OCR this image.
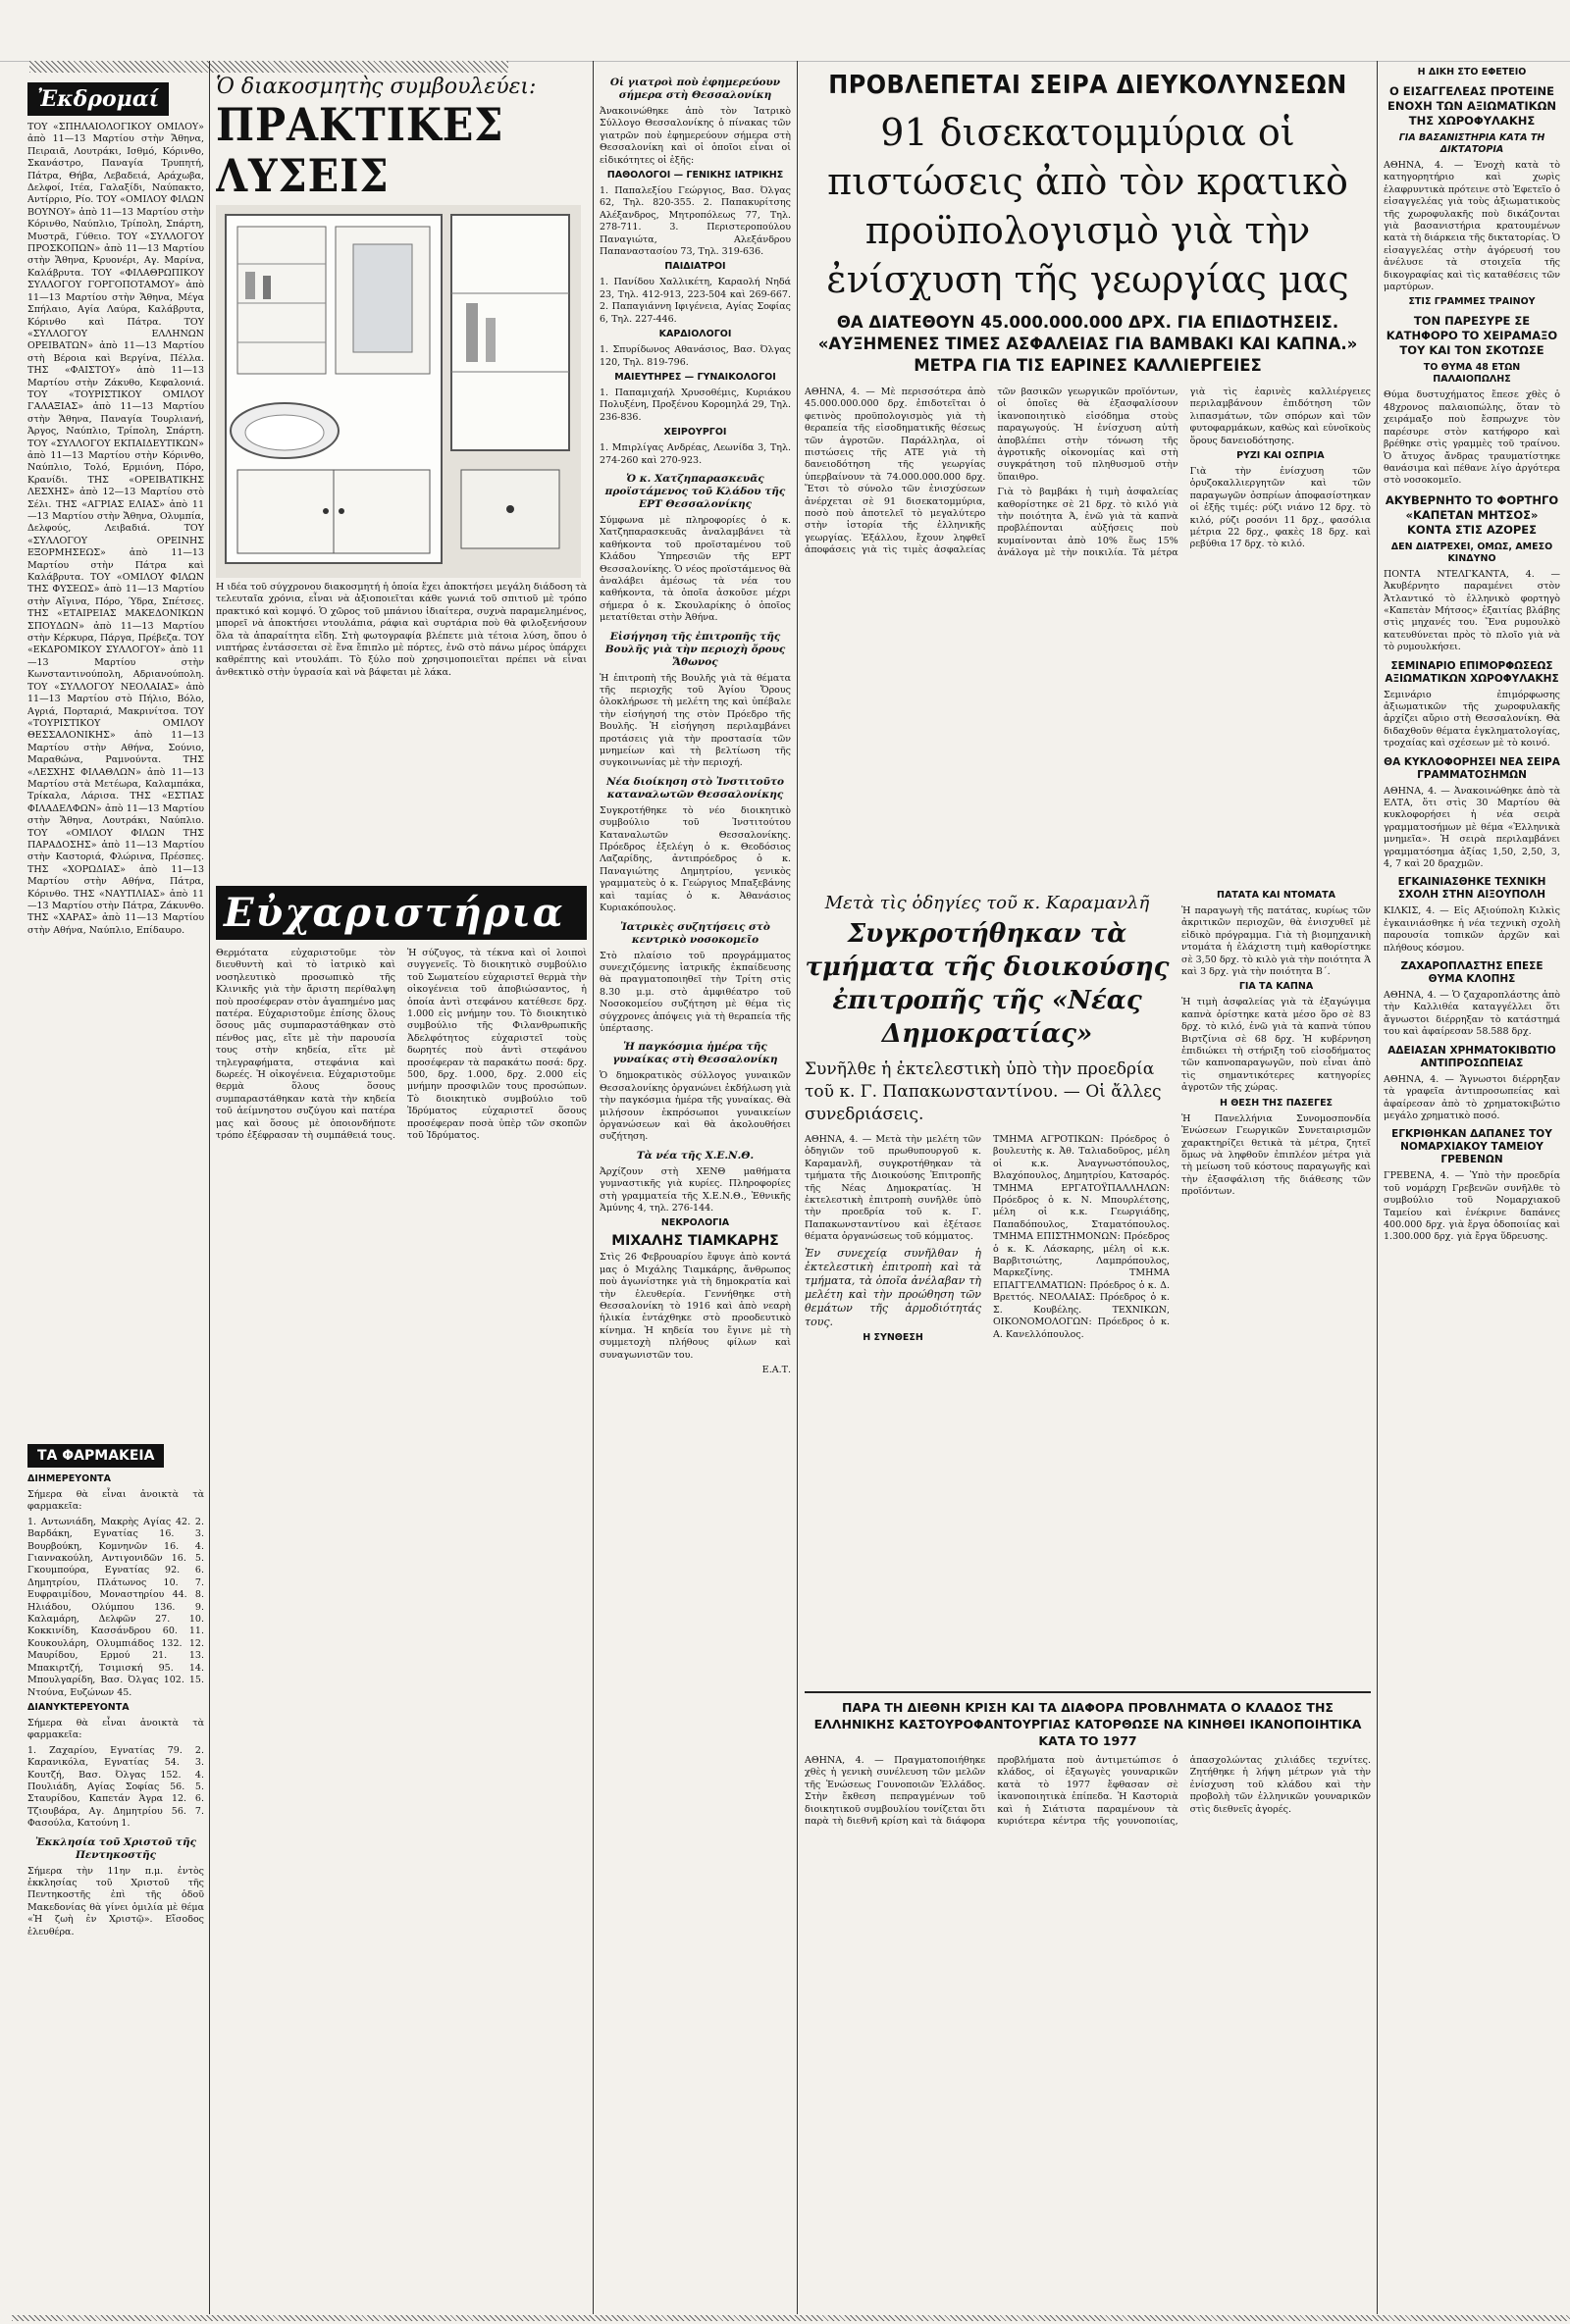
Ἐκδρομαί

ΤΟΥ «ΣΠΗΛΑΙΟΛΟΓΙΚΟΥ ΟΜΙΛΟΥ» ἀπὸ 11—13 Μαρτίου στὴν Ἄθηνα, Πειραιᾶ, Λουτράκι, Ισθμό, Κόρινθο, Σκανάστρο, Παναγία Τρυπητή, Πάτρα, Θήβα, Λεβαδειά, Αράχωβα, Δελφοί, Ιτέα, Γαλαξίδι, Ναύπακτο, Αντίρριο, Ρίο. ΤΟΥ «ΟΜΙΛΟΥ ΦΙΛΩΝ ΒΟΥΝΟΥ» ἀπὸ 11—13 Μαρτίου στὴν Κόρινθο, Ναύπλιο, Τρίπολη, Σπάρτη, Μυστρᾶ, Γύθειο. ΤΟΥ «ΣΥΛΛΟΓΟΥ ΠΡΟΣΚΟΠΩΝ» ἀπὸ 11—13 Μαρτίου στὴν Ἄθηνα, Κρυονέρι, Αγ. Μαρίνα, Καλάβρυτα. ΤΟΥ «ΦΙΛΑΘΡΩΠΙΚΟΥ ΣΥΛΛΟΓΟΥ ΓΟΡΓΟΠΟΤΑΜΟΥ» ἀπὸ 11—13 Μαρτίου στὴν Ἄθηνα, Μέγα Σπήλαιο, Αγία Λαύρα, Καλάβρυτα, Κόρινθο καὶ Πάτρα. ΤΟΥ «ΣΥΛΛΟΓΟΥ ΕΛΛΗΝΩΝ ΟΡΕΙΒΑΤΩΝ» ἀπὸ 11—13 Μαρτίου στὴ Βέροια καὶ Βεργίνα, Πέλλα. ΤΗΣ «ΦΑΙΣΤΟΥ» ἀπὸ 11—13 Μαρτίου στὴν Ζάκυθο, Κεφαλονιά. ΤΟΥ «ΤΟΥΡΙΣΤΙΚΟΥ ΟΜΙΛΟΥ ΓΑΛΑΞΙΑΣ» ἀπὸ 11—13 Μαρτίου στὴν Ἄθηνα, Παναγία Τουρλιανή, Άργος, Ναύπλιο, Τρίπολη, Σπάρτη. ΤΟΥ «ΣΥΛΛΟΓΟΥ ΕΚΠΑΙΔΕΥΤΙΚΩΝ» ἀπὸ 11—13 Μαρτίου στὴν Κόρινθο, Ναύπλιο, Τολό, Ερμιόνη, Πόρο, Κρανίδι. ΤΗΣ «ΟΡΕΙΒΑΤΙΚΗΣ ΛΕΣΧΗΣ» ἀπὸ 12—13 Μαρτίου στὸ Σέλι. ΤΗΣ «ΑΓΡΙΑΣ ΕΛΙΑΣ» ἀπὸ 11—13 Μαρτίου στὴν Ἄθηνα, Ολυμπία, Δελφούς, Λειβαδιά. ΤΟΥ «ΣΥΛΛΟΓΟΥ ΟΡΕΙΝΗΣ ΕΞΟΡΜΗΣΕΩΣ» ἀπὸ 11—13 Μαρτίου στὴν Πάτρα καὶ Καλάβρυτα. ΤΟΥ «ΟΜΙΛΟΥ ΦΙΛΩΝ ΤΗΣ ΦΥΣΕΩΣ» ἀπὸ 11—13 Μαρτίου στὴν Αἴγινα, Πόρο, Ύδρα, Σπέτσες. ΤΗΣ «ΕΤΑΙΡΕΙΑΣ ΜΑΚΕΔΟΝΙΚΩΝ ΣΠΟΥΔΩΝ» ἀπὸ 11—13 Μαρτίου στὴν Κέρκυρα, Πάργα, Πρέβεζα. ΤΟΥ «ΕΚΔΡΟΜΙΚΟΥ ΣΥΛΛΟΓΟΥ» ἀπὸ 11—13 Μαρτίου στὴν Κωνσταντινούπολη, Αδριανούπολη. ΤΟΥ «ΣΥΛΛΟΓΟΥ ΝΕΟΛΑΙΑΣ» ἀπὸ 11—13 Μαρτίου στὸ Πήλιο, Βόλο, Αγριά, Πορταριά, Μακρινίτσα. ΤΟΥ «ΤΟΥΡΙΣΤΙΚΟΥ ΟΜΙΛΟΥ ΘΕΣΣΑΛΟΝΙΚΗΣ» ἀπὸ 11—13 Μαρτίου στὴν Αθήνα, Σούνιο, Μαραθώνα, Ραμνούντα. ΤΗΣ «ΛΕΣΧΗΣ ΦΙΛΑΘΛΩΝ» ἀπὸ 11—13 Μαρτίου στὰ Μετέωρα, Καλαμπάκα, Τρίκαλα, Λάρισα. ΤΗΣ «ΕΣΤΙΑΣ ΦΙΛΑΔΕΛΦΩΝ» ἀπὸ 11—13 Μαρτίου στὴν Ἄθηνα, Λουτράκι, Ναύπλιο. ΤΟΥ «ΟΜΙΛΟΥ ΦΙΛΩΝ ΤΗΣ ΠΑΡΑΔΟΣΗΣ» ἀπὸ 11—13 Μαρτίου στὴν Καστοριά, Φλώρινα, Πρέσπες. ΤΗΣ «ΧΟΡΩΔΙΑΣ» ἀπὸ 11—13 Μαρτίου στὴν Αθήνα, Πάτρα, Κόρινθο. ΤΗΣ «ΝΑΥΤΙΛΙΑΣ» ἀπὸ 11—13 Μαρτίου στὴν Πάτρα, Ζάκυνθο. ΤΗΣ «ΧΑΡΑΣ» ἀπὸ 11—13 Μαρτίου στὴν Αθήνα, Ναύπλιο, Επίδαυρο.

ΤΑ ΦΑΡΜΑΚΕΙΑ
ΔΙΗΜΕΡΕΥΟΝΤΑ

Σήμερα θὰ εἶναι ἀνοικτὰ τὰ φαρμακεῖα:

1. Αντωνιάδη, Μακρὴς Αγίας 42. 2. Βαρδάκη, Εγνατίας 16. 3. Βουρβούκη, Κομνηνῶν 16. 4. Γιαννακούλη, Αντιγονιδῶν 16. 5. Γκουμπούρα, Εγνατίας 92. 6. Δημητρίου, Πλάτωνος 10. 7. Ευφραιμίδου, Μοναστηρίου 44. 8. Ηλιάδου, Ολύμπου 136. 9. Καλαμάρη, Δελφῶν 27. 10. Κοκκινίδη, Κασσάνδρου 60. 11. Κουκουλάρη, Ολυμπιάδος 132. 12. Μαυρίδου, Ερμού 21. 13. Μπακιρτζή, Τσιμισκή 95. 14. Μπουλγαρίδη, Βασ. Όλγας 102. 15. Ντούνα, Ευζώνων 45.

ΔΙΑΝΥΚΤΕΡΕΥΟΝΤΑ

Σήμερα θὰ εἶναι ἀνοικτὰ τὰ φαρμακεῖα:

1. Ζαχαρίου, Εγνατίας 79. 2. Καρανικόλα, Εγνατίας 54. 3. Κουτζή, Βασ. Όλγας 152. 4. Πουλιάδη, Αγίας Σοφίας 56. 5. Σταυρίδου, Καπετάν Άγρα 12. 6. Τζιουβάρα, Αγ. Δημητρίου 56. 7. Φασούλα, Κατούνη 1.

Ἐκκλησία τοῦ Χριστοῦ τῆς Πεντηκοστῆς

Σήμερα τὴν 11ην π.μ. ἐντὸς ἐκκλησίας τοῦ Χριστοῦ τῆς Πεντηκοστῆς ἐπὶ τῆς ὁδοῦ Μακεδονίας θὰ γίνει ὁμιλία μὲ θέμα «Ἡ ζωὴ ἐν Χριστῷ». Εἴσοδος ἐλευθέρα.

Ὁ διακοσμητὴς συμβουλεύει:
ΠΡΑΚΤΙΚΕΣ ΛΥΣΕΙΣ

Η ιδέα τοῦ σύγχρονου διακοσμητή ἡ ὁποία ἔχει ἀποκτήσει μεγάλη διάδοση τὰ τελευταῖα χρόνια, εἶναι νὰ ἀξιοποιεῖται κάθε γωνιά τοῦ σπιτιοῦ μὲ τρόπο πρακτικό καὶ κομψό. Ὁ χῶρος τοῦ μπάνιου ἰδιαίτερα, συχνὰ παραμελημένος, μπορεῖ νὰ ἀποκτήσει ντουλάπια, ράφια καὶ συρτάρια ποὺ θὰ φιλοξενήσουν ὅλα τὰ ἀπαραίτητα εἴδη. Στὴ φωτογραφία βλέπετε μιὰ τέτοια λύση, ὅπου ὁ νιπτήρας ἐντάσσεται σὲ ἕνα ἔπιπλο μὲ πόρτες, ἐνῶ στὸ πάνω μέρος ὑπάρχει καθρέπτης καὶ ντουλάπι. Τὸ ξύλο ποὺ χρησιμοποιεῖται πρέπει νὰ εἶναι ἀνθεκτικὸ στὴν ὑγρασία καὶ νὰ βάφεται μὲ λάκα.

Εὐχαριστήρια

Θερμότατα εὐχαριστοῦμε τὸν διευθυντὴ καὶ τὸ ἰατρικὸ καὶ νοσηλευτικὸ προσωπικὸ τῆς Κλινικῆς γιὰ τὴν ἄριστη περίθαλψη ποὺ προσέφεραν στὸν ἀγαπημένο μας πατέρα. Εὐχαριστοῦμε ἐπίσης ὅλους ὅσους μᾶς συμπαραστάθηκαν στὸ πένθος μας, εἴτε μὲ τὴν παρουσία τους στὴν κηδεία, εἴτε μὲ τηλεγραφήματα, στεφάνια καὶ δωρεές. Ἡ οἰκογένεια. Εὐχαριστοῦμε θερμὰ ὅλους ὅσους συμπαραστάθηκαν κατὰ τὴν κηδεία τοῦ ἀείμνηστου συζύγου καὶ πατέρα μας καὶ ὅσους μὲ ὁποιονδήποτε τρόπο ἐξέφρασαν τὴ συμπάθειά τους. Ἡ σύζυγος, τὰ τέκνα καὶ οἱ λοιποὶ συγγενεῖς. Τὸ διοικητικὸ συμβούλιο τοῦ Σωματείου εὐχαριστεῖ θερμὰ τὴν οἰκογένεια τοῦ ἀποβιώσαντος, ἡ ὁποία ἀντὶ στεφάνου κατέθεσε δρχ. 1.000 εἰς μνήμην του. Τὸ διοικητικὸ συμβούλιο τῆς Φιλανθρωπικῆς Ἀδελφότητος εὐχαριστεῖ τοὺς δωρητές ποὺ ἀντὶ στεφάνου προσέφεραν τὰ παρακάτω ποσά: δρχ. 500, δρχ. 1.000, δρχ. 2.000 εἰς μνήμην προσφιλῶν τους προσώπων. Τὸ διοικητικὸ συμβούλιο τοῦ Ἱδρύματος εὐχαριστεῖ ὅσους προσέφεραν ποσὰ ὑπὲρ τῶν σκοπῶν τοῦ Ἱδρύματος.

Οἱ γιατροὶ ποὺ ἐφημερεύουν σήμερα στὴ Θεσσαλονίκη

Ἀνακοινώθηκε ἀπὸ τὸν Ἰατρικὸ Σύλλογο Θεσσαλονίκης ὁ πίνακας τῶν γιατρῶν ποὺ ἐφημερεύουν σήμερα στὴ Θεσσαλονίκη καὶ οἱ ὁποῖοι εἶναι οἱ εἰδικότητες οἱ ἑξῆς:

ΠΑΘΟΛΟΓΟΙ — ΓΕΝΙΚΗΣ ΙΑΤΡΙΚΗΣ

1. Παπαλεξίου Γεώργιος, Βασ. Όλγας 62, Τηλ. 820-355. 2. Παπακυρίτσης Αλέξανδρος, Μητροπόλεως 77, Τηλ. 278-711. 3. Περιστεροπούλου Παναγιώτα, Αλεξάνδρου Παπαναστασίου 73, Τηλ. 319-636.

ΠΑΙΔΙΑΤΡΟΙ

1. Πανίδου Χαλλικέτη, Καραολή Νηδά 23, Τηλ. 412-913, 223-504 καὶ 269-667. 2. Παπαγιάννη Ιφιγένεια, Αγίας Σοφίας 6, Τηλ. 227-446.

ΚΑΡΔΙΟΛΟΓΟΙ

1. Σπυρίδωνος Αθανάσιος, Βασ. Όλγας 120, Τηλ. 819-796.

ΜΑΙΕΥΤΗΡΕΣ — ΓΥΝΑΙΚΟΛΟΓΟΙ

1. Παπαμιχαήλ Χρυσοθέμις, Κυριάκου Πολυξένη, Προξένου Κορομηλά 29, Τηλ. 236-836.

ΧΕΙΡΟΥΡΓΟΙ

1. Μπιρλίγας Ανδρέας, Λεωνίδα 3, Τηλ. 274-260 καὶ 270-923.

Ὁ κ. Χατζηπαρασκευᾶς προϊστάμενος τοῦ Κλάδου τῆς ΕΡΤ Θεσσαλονίκης

Σύμφωνα μὲ πληροφορίες ὁ κ. Χατζηπαρασκευᾶς ἀναλαμβάνει τὰ καθήκοντα τοῦ προϊσταμένου τοῦ Κλάδου Ὑπηρεσιῶν τῆς ΕΡΤ Θεσσαλονίκης. Ὁ νέος προϊστάμενος θὰ ἀναλάβει ἀμέσως τὰ νέα του καθήκοντα, τὰ ὁποῖα ἀσκοῦσε μέχρι σήμερα ὁ κ. Σκουλαρίκης ὁ ὁποῖος μετατίθεται στὴν Ἀθήνα.

Εἰσήγηση τῆς ἐπιτροπῆς τῆς Βουλῆς γιὰ τὴν περιοχὴ ὄρους Ἄθωνος

Ἡ ἐπιτροπὴ τῆς Βουλῆς γιὰ τὰ θέματα τῆς περιοχῆς τοῦ Ἁγίου Ὄρους ὁλοκλήρωσε τὴ μελέτη της καὶ ὑπέβαλε τὴν εἰσήγησή της στὸν Πρόεδρο τῆς Βουλῆς. Ἡ εἰσήγηση περιλαμβάνει προτάσεις γιὰ τὴν προστασία τῶν μνημείων καὶ τὴ βελτίωση τῆς συγκοινωνίας μὲ τὴν περιοχή.

Νέα διοίκηση στὸ Ἰνστιτοῦτο καταναλωτῶν Θεσσαλονίκης

Συγκροτήθηκε τὸ νέο διοικητικὸ συμβούλιο τοῦ Ἰνστιτούτου Καταναλωτῶν Θεσσαλονίκης. Πρόεδρος ἐξελέγη ὁ κ. Θεοδόσιος Λαζαρίδης, ἀντιπρόεδρος ὁ κ. Παναγιώτης Δημητρίου, γενικὸς γραμματεὺς ὁ κ. Γεώργιος Μπαξεβάνης καὶ ταμίας ὁ κ. Ἀθανάσιος Κυριακόπουλος.

Ἰατρικὲς συζητήσεις στὸ κεντρικὸ νοσοκομεῖο

Στὸ πλαίσιο τοῦ προγράμματος συνεχιζόμενης ἰατρικῆς ἐκπαίδευσης θὰ πραγματοποιηθεῖ τὴν Τρίτη στὶς 8.30 μ.μ. στὸ ἀμφιθέατρο τοῦ Νοσοκομείου συζήτηση μὲ θέμα τὶς σύγχρονες ἀπόψεις γιὰ τὴ θεραπεία τῆς ὑπέρτασης.

Ἡ παγκόσμια ἡμέρα τῆς γυναίκας στὴ Θεσσαλονίκη

Ὁ δημοκρατικὸς σύλλογος γυναικῶν Θεσσαλονίκης ὀργανώνει ἐκδήλωση γιὰ τὴν παγκόσμια ἡμέρα τῆς γυναίκας. Θὰ μιλήσουν ἐκπρόσωποι γυναικείων ὀργανώσεων καὶ θὰ ἀκολουθήσει συζήτηση.

Τὰ νέα τῆς Χ.Ε.Ν.Θ.

Ἀρχίζουν στὴ ΧΕΝΘ μαθήματα γυμναστικῆς γιὰ κυρίες. Πληροφορίες στὴ γραμματεία τῆς Χ.Ε.Ν.Θ., Ἐθνικῆς Ἀμύνης 4, τηλ. 276-144.

ΝΕΚΡΟΛΟΓΙΑ
ΜΙΧΑΛΗΣ ΤΙΑΜΚΑΡΗΣ

Στὶς 26 Φεβρουαρίου ἔφυγε ἀπὸ κοντά μας ὁ Μιχάλης Τιαμκάρης, ἄνθρωπος ποὺ ἀγωνίστηκε γιὰ τὴ δημοκρατία καὶ τὴν ἐλευθερία. Γεννήθηκε στὴ Θεσσαλονίκη τὸ 1916 καὶ ἀπὸ νεαρὴ ἡλικία ἐντάχθηκε στὸ προοδευτικὸ κίνημα. Ἡ κηδεία του ἔγινε μὲ τὴ συμμετοχὴ πλήθους φίλων καὶ συναγωνιστῶν του.

Ε.Α.Τ.

ΠΡΟΒΛΕΠΕΤΑΙ ΣΕΙΡΑ ΔΙΕΥΚΟΛΥΝΣΕΩΝ
91 δισεκατομμύρια οἱ πιστώσεις ἀπὸ τὸν κρατικὸ προϋπολογισμὸ γιὰ τὴν ἐνίσχυση τῆς γεωργίας μας
ΘΑ ΔΙΑΤΕΘΟΥΝ 45.000.000.000 ΔΡΧ. ΓΙΑ ΕΠΙΔΟΤΗΣΕΙΣ. «ΑΥΞΗΜΕΝΕΣ ΤΙΜΕΣ ΑΣΦΑΛΕΙΑΣ ΓΙΑ ΒΑΜΒΑΚΙ ΚΑΙ ΚΑΠΝΑ.» ΜΕΤΡΑ ΓΙΑ ΤΙΣ ΕΑΡΙΝΕΣ ΚΑΛΛΙΕΡΓΕΙΕΣ

ΑΘΗΝΑ, 4. — Μὲ περισσότερα ἀπὸ 45.000.000.000 δρχ. ἐπιδοτεῖται ὁ φετινὸς προϋπολογισμὸς γιὰ τὴ θεραπεία τῆς εἰσοδηματικῆς θέσεως τῶν ἀγροτῶν. Παράλληλα, οἱ πιστώσεις τῆς ΑΤΕ γιὰ τὴ δανειοδότηση τῆς γεωργίας ὑπερβαίνουν τὰ 74.000.000.000 δρχ. Ἔτσι τὸ σύνολο τῶν ἐνισχύσεων ἀνέρχεται σὲ 91 δισεκατομμύρια, ποσὸ ποὺ ἀποτελεῖ τὸ μεγαλύτερο στὴν ἱστορία τῆς ἑλληνικῆς γεωργίας. Ἐξάλλου, ἔχουν ληφθεῖ ἀποφάσεις γιὰ τὶς τιμὲς ἀσφαλείας τῶν βασικῶν γεωργικῶν προϊόντων, οἱ ὁποῖες θὰ ἐξασφαλίσουν ἱκανοποιητικὸ εἰσόδημα στοὺς παραγωγούς. Ἡ ἐνίσχυση αὐτὴ ἀποβλέπει στὴν τόνωση τῆς ἀγροτικῆς οἰκονομίας καὶ στὴ συγκράτηση τοῦ πληθυσμοῦ στὴν ὕπαιθρο.

Γιὰ τὸ βαμβάκι ἡ τιμὴ ἀσφαλείας καθορίστηκε σὲ 21 δρχ. τὸ κιλό γιὰ τὴν ποιότητα Ά, ἐνῶ γιὰ τὰ καπνὰ προβλέπονται αὐξήσεις ποὺ κυμαίνονται ἀπὸ 10% ἕως 15% ἀνάλογα μὲ τὴν ποικιλία. Τὰ μέτρα γιὰ τὶς ἐαρινὲς καλλιέργειες περιλαμβάνουν ἐπιδότηση τῶν λιπασμάτων, τῶν σπόρων καὶ τῶν φυτοφαρμάκων, καθὼς καὶ εὐνοϊκοὺς ὅρους δανειοδότησης.

ΡΥΖΙ ΚΑΙ ΟΣΠΡΙΑ

Γιὰ τὴν ἐνίσχυση τῶν ὀρυζοκαλλιεργητῶν καὶ τῶν παραγωγῶν ὀσπρίων ἀποφασίστηκαν οἱ ἑξῆς τιμές: ρύζι νιάνο 12 δρχ. τὸ κιλό, ρύζι ροσόνι 11 δρχ., φασόλια μέτρια 22 δρχ., φακὲς 18 δρχ. καὶ ρεβύθια 17 δρχ. τὸ κιλό.

Μετὰ τὶς ὁδηγίες τοῦ κ. Καραμανλῆ
Συγκροτήθηκαν τὰ τμήματα τῆς διοικούσης ἐπιτροπῆς τῆς «Νέας Δημοκρατίας»
Συνῆλθε ἡ ἐκτελεστικὴ ὑπὸ τὴν προεδρία τοῦ κ. Γ. Παπακωνσταντίνου. — Οἱ ἄλλες συνεδριάσεις.

ΑΘΗΝΑ, 4. — Μετὰ τὴν μελέτη τῶν ὁδηγιῶν τοῦ πρωθυπουργοῦ κ. Καραμανλῆ, συγκροτήθηκαν τὰ τμήματα τῆς Διοικούσης Ἐπιτροπῆς τῆς Νέας Δημοκρατίας. Ἡ ἐκτελεστικὴ ἐπιτροπὴ συνῆλθε ὑπὸ τὴν προεδρία τοῦ κ. Γ. Παπακωνσταντίνου καὶ ἐξέτασε θέματα ὀργανώσεως τοῦ κόμματος.

Ἐν συνεχείᾳ συνῆλθαν ἡ ἐκτελεστικὴ ἐπιτροπὴ καὶ τὰ τμήματα, τὰ ὁποῖα ἀνέλαβαν τὴ μελέτη καὶ τὴν προώθηση τῶν θεμάτων τῆς ἁρμοδιότητάς τους.

Η ΣΥΝΘΕΣΗ

ΤΜΗΜΑ ΑΓΡΟΤΙΚΩΝ: Πρόεδρος ὁ βουλευτὴς κ. Ἀθ. Ταλιαδοῦρος, μέλη οἱ κ.κ. Ἀναγνωστόπουλος, Βλαχόπουλος, Δημητρίου, Κατσαρός. ΤΜΗΜΑ ΕΡΓΑΤΟΫΠΑΛΛΗΛΩΝ: Πρόεδρος ὁ κ. Ν. Μπουρλέτσης, μέλη οἱ κ.κ. Γεωργιάδης, Παπαδόπουλος, Σταματόπουλος. ΤΜΗΜΑ ΕΠΙΣΤΗΜΟΝΩΝ: Πρόεδρος ὁ κ. Κ. Λάσκαρης, μέλη οἱ κ.κ. Βαρβιτσιώτης, Λαμπρόπουλος, Μαρκεζίνης. ΤΜΗΜΑ ΕΠΑΓΓΕΛΜΑΤΙΩΝ: Πρόεδρος ὁ κ. Δ. Βρεττός. ΝΕΟΛΑΙΑΣ: Πρόεδρος ὁ κ. Σ. Κουβέλης. ΤΕΧΝΙΚΩΝ, ΟΙΚΟΝΟΜΟΛΟΓΩΝ: Πρόεδρος ὁ κ. Α. Κανελλόπουλος.

ΠΑΤΑΤΑ ΚΑΙ ΝΤΟΜΑΤΑ

Ἡ παραγωγὴ τῆς πατάτας, κυρίως τῶν ἀκριτικῶν περιοχῶν, θὰ ἐνισχυθεῖ μὲ εἰδικὸ πρόγραμμα. Γιὰ τὴ βιομηχανικὴ ντομάτα ἡ ἐλάχιστη τιμὴ καθορίστηκε σὲ 3,50 δρχ. τὸ κιλὸ γιὰ τὴν ποιότητα Ά καὶ 3 δρχ. γιὰ τὴν ποιότητα Β΄.

ΓΙΑ ΤΑ ΚΑΠΝΑ

Ἡ τιμὴ ἀσφαλείας γιὰ τὰ ἐξαγώγιμα καπνὰ ὁρίστηκε κατὰ μέσο ὅρο σὲ 83 δρχ. τὸ κιλό, ἐνῶ γιὰ τὰ καπνὰ τύπου Βιρτζίνια σὲ 68 δρχ. Ἡ κυβέρνηση ἐπιδιώκει τὴ στήριξη τοῦ εἰσοδήματος τῶν καπνοπαραγωγῶν, ποὺ εἶναι ἀπὸ τὶς σημαντικότερες κατηγορίες ἀγροτῶν τῆς χώρας.

Η ΘΕΣΗ ΤΗΣ ΠΑΣΕΓΕΣ

Ἡ Πανελλήνια Συνομοσπονδία Ἑνώσεων Γεωργικῶν Συνεταιρισμῶν χαρακτηρίζει θετικὰ τὰ μέτρα, ζητεῖ ὅμως νὰ ληφθοῦν ἐπιπλέον μέτρα γιὰ τὴ μείωση τοῦ κόστους παραγωγῆς καὶ τὴν ἐξασφάλιση τῆς διάθεσης τῶν προϊόντων.

ΠΑΡΑ ΤΗ ΔΙΕΘΝΗ ΚΡΙΣΗ ΚΑΙ ΤΑ ΔΙΑΦΟΡΑ ΠΡΟΒΛΗΜΑΤΑ Ο ΚΛΑΔΟΣ ΤΗΣ ΕΛΛΗΝΙΚΗΣ ΚΑΣΤΟΥΡΟΦΑΝΤΟΥΡΓΙΑΣ ΚΑΤΟΡΘΩΣΕ ΝΑ ΚΙΝΗΘΕΙ ΙΚΑΝΟΠΟΙΗΤΙΚΑ ΚΑΤΑ ΤΟ 1977

ΑΘΗΝΑ, 4. — Πραγματοποιήθηκε χθὲς ἡ γενικὴ συνέλευση τῶν μελῶν τῆς Ἑνώσεως Γουνοποιῶν Ἑλλάδος. Στὴν ἔκθεση πεπραγμένων τοῦ διοικητικοῦ συμβουλίου τονίζεται ὅτι παρὰ τὴ διεθνῆ κρίση καὶ τὰ διάφορα προβλήματα ποὺ ἀντιμετώπισε ὁ κλάδος, οἱ ἐξαγωγὲς γουναρικῶν κατὰ τὸ 1977 ἔφθασαν σὲ ἱκανοποιητικὰ ἐπίπεδα. Ἡ Καστοριὰ καὶ ἡ Σιάτιστα παραμένουν τὰ κυριότερα κέντρα τῆς γουνοποιίας, ἀπασχολώντας χιλιάδες τεχνίτες. Ζητήθηκε ἡ λήψη μέτρων γιὰ τὴν ἐνίσχυση τοῦ κλάδου καὶ τὴν προβολὴ τῶν ἑλληνικῶν γουναρικῶν στὶς διεθνεῖς ἀγορές.

Η ΔΙΚΗ ΣΤΟ ΕΦΕΤΕΙΟ
Ο ΕΙΣΑΓΓΕΛΕΑΣ ΠΡΟΤΕΙΝΕ ΕΝΟΧΗ ΤΩΝ ΑΞΙΩΜΑΤΙΚΩΝ ΤΗΣ ΧΩΡΟΦΥΛΑΚΗΣ
ΓΙΑ ΒΑΣΑΝΙΣΤΗΡΙΑ ΚΑΤΑ ΤΗ ΔΙΚΤΑΤΟΡΙΑ

ΑΘΗΝΑ, 4. — Ἐνοχὴ κατὰ τὸ κατηγορητήριο καὶ χωρὶς ἐλαφρυντικὰ πρότεινε στὸ Ἐφετεῖο ὁ εἰσαγγελέας γιὰ τοὺς ἀξιωματικοὺς τῆς χωροφυλακῆς ποὺ δικάζονται γιὰ βασανιστήρια κρατουμένων κατὰ τὴ διάρκεια τῆς δικτατορίας. Ὁ εἰσαγγελέας στὴν ἀγόρευσή του ἀνέλυσε τὰ στοιχεῖα τῆς δικογραφίας καὶ τὶς καταθέσεις τῶν μαρτύρων.

ΣΤΙΣ ΓΡΑΜΜΕΣ ΤΡΑΙΝΟΥ
ΤΟΝ ΠΑΡΕΣΥΡΕ ΣΕ ΚΑΤΗΦΟΡΟ ΤΟ ΧΕΙΡΑΜΑΞΟ ΤΟΥ ΚΑΙ ΤΟΝ ΣΚΟΤΩΣΕ
ΤΟ ΘΥΜΑ 48 ΕΤΩΝ ΠΑΛΑΙΟΠΩΛΗΣ

Θύμα δυστυχήματος ἔπεσε χθὲς ὁ 48χρονος παλαιοπώλης, ὅταν τὸ χειράμαξο ποὺ ἔσπρωχνε τὸν παρέσυρε στὸν κατήφορο καὶ βρέθηκε στὶς γραμμὲς τοῦ τραίνου. Ὁ ἄτυχος ἄνδρας τραυματίστηκε θανάσιμα καὶ πέθανε λίγο ἀργότερα στὸ νοσοκομεῖο.

ΑΚΥΒΕΡΝΗΤΟ ΤΟ ΦΟΡΤΗΓΟ «ΚΑΠΕΤΑΝ ΜΗΤΣΟΣ» ΚΟΝΤΑ ΣΤΙΣ ΑΖΟΡΕΣ
ΔΕΝ ΔΙΑΤΡΕΧΕΙ, ΟΜΩΣ, ΑΜΕΣΟ ΚΙΝΔΥΝΟ

ΠΟΝΤΑ ΝΤΕΛΓΚΑΝΤΑ, 4. — Ἀκυβέρνητο παραμένει στὸν Ἀτλαντικό τὸ ἑλληνικὸ φορτηγὸ «Καπετὰν Μήτσος» ἐξαιτίας βλάβης στὶς μηχανές του. Ἕνα ρυμουλκὸ κατευθύνεται πρὸς τὸ πλοῖο γιὰ νὰ τὸ ρυμουλκήσει.

ΣΕΜΙΝΑΡΙΟ ΕΠΙΜΟΡΦΩΣΕΩΣ ΑΞΙΩΜΑΤΙΚΩΝ ΧΩΡΟΦΥΛΑΚΗΣ

Σεμινάριο ἐπιμόρφωσης ἀξιωματικῶν τῆς χωροφυλακῆς ἀρχίζει αὔριο στὴ Θεσσαλονίκη. Θὰ διδαχθοῦν θέματα ἐγκληματολογίας, τροχαίας καὶ σχέσεων μὲ τὸ κοινό.

ΘΑ ΚΥΚΛΟΦΟΡΗΣΕΙ ΝΕΑ ΣΕΙΡΑ ΓΡΑΜΜΑΤΟΣΗΜΩΝ

ΑΘΗΝΑ, 4. — Ἀνακοινώθηκε ἀπὸ τὰ ΕΛΤΑ, ὅτι στὶς 30 Μαρτίου θὰ κυκλοφορήσει ἡ νέα σειρὰ γραμματοσήμων μὲ θέμα «Ἑλληνικὰ μνημεῖα». Ἡ σειρὰ περιλαμβάνει γραμματόσημα ἀξίας 1,50, 2,50, 3, 4, 7 καὶ 20 δραχμῶν.

ΕΓΚΑΙΝΙΑΣΘΗΚΕ ΤΕΧΝΙΚΗ ΣΧΟΛΗ ΣΤΗΝ ΑΙΞΟΥΠΟΛΗ

ΚΙΛΚΙΣ, 4. — Εἰς Αξιούπολη Κιλκὶς ἐγκαινιάσθηκε ἡ νέα τεχνικὴ σχολὴ παρουσία τοπικῶν ἀρχῶν καὶ πλήθους κόσμου.

ΖΑΧΑΡΟΠΛΑΣΤΗΣ ΕΠΕΣΕ ΘΥΜΑ ΚΛΟΠΗΣ

ΑΘΗΝΑ, 4. — Ὁ ζαχαροπλάστης ἀπὸ τὴν Καλλιθέα καταγγέλλει ὅτι ἄγνωστοι διέρρηξαν τὸ κατάστημά του καὶ ἀφαίρεσαν 58.588 δρχ.

ΑΔΕΙΑΣΑΝ ΧΡΗΜΑΤΟΚΙΒΩΤΙΟ ΑΝΤΙΠΡΟΣΩΠΕΙΑΣ

ΑΘΗΝΑ, 4. — Ἄγνωστοι διέρρηξαν τὰ γραφεῖα ἀντιπροσωπείας καὶ ἀφαίρεσαν ἀπὸ τὸ χρηματοκιβώτιο μεγάλο χρηματικὸ ποσό.

ΕΓΚΡΙΘΗΚΑΝ ΔΑΠΑΝΕΣ ΤΟΥ ΝΟΜΑΡΧΙΑΚΟΥ ΤΑΜΕΙΟΥ ΓΡΕΒΕΝΩΝ

ΓΡΕΒΕΝΑ, 4. — Ὑπὸ τὴν προεδρία τοῦ νομάρχη Γρεβενῶν συνῆλθε τὸ συμβούλιο τοῦ Νομαρχιακοῦ Ταμείου καὶ ἐνέκρινε δαπάνες 400.000 δρχ. γιὰ ἔργα ὁδοποιίας καὶ 1.300.000 δρχ. γιὰ ἔργα ὕδρευσης.
